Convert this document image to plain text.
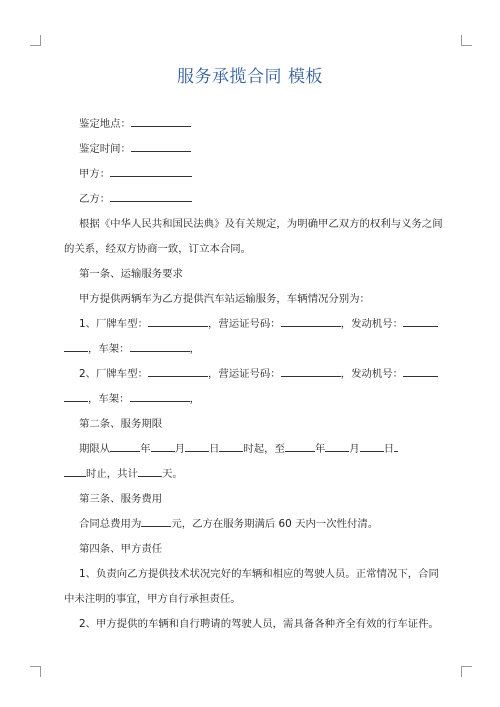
服务承揽合同 模板
鉴定地点：
鉴定时间：
甲方：
乙方：
根据《中华人民共和国民法典》及有关规定，为明确甲乙双方的权利与义务之间
的关系，经双方协商一致，订立本合同。
第一条、运输服务要求
甲方提供两辆车为乙方提供汽车站运输服务，车辆情况分别为：
1、厂牌车型：	，营运证号码：	，发动机号：
，车架：	，
2、厂牌车型：	，营运证号码：	，发动机号：
，车架：	，
第二条、服务期限
期限从	年 月 日 时起，至	年 月 日
时止，共计 天。
第三条、服务费用
合同总费用为	元，乙方在服务期满后 60 天内一次性付清。
第四条、甲方责任
1、负责向乙方提供技术状况完好的车辆和相应的驾驶人员。正常情况下，合同
中未注明的事宜，甲方自行承担责任。
2、甲方提供的车辆和自行聘请的驾驶人员，需具备各种齐全有效的行车证件。
